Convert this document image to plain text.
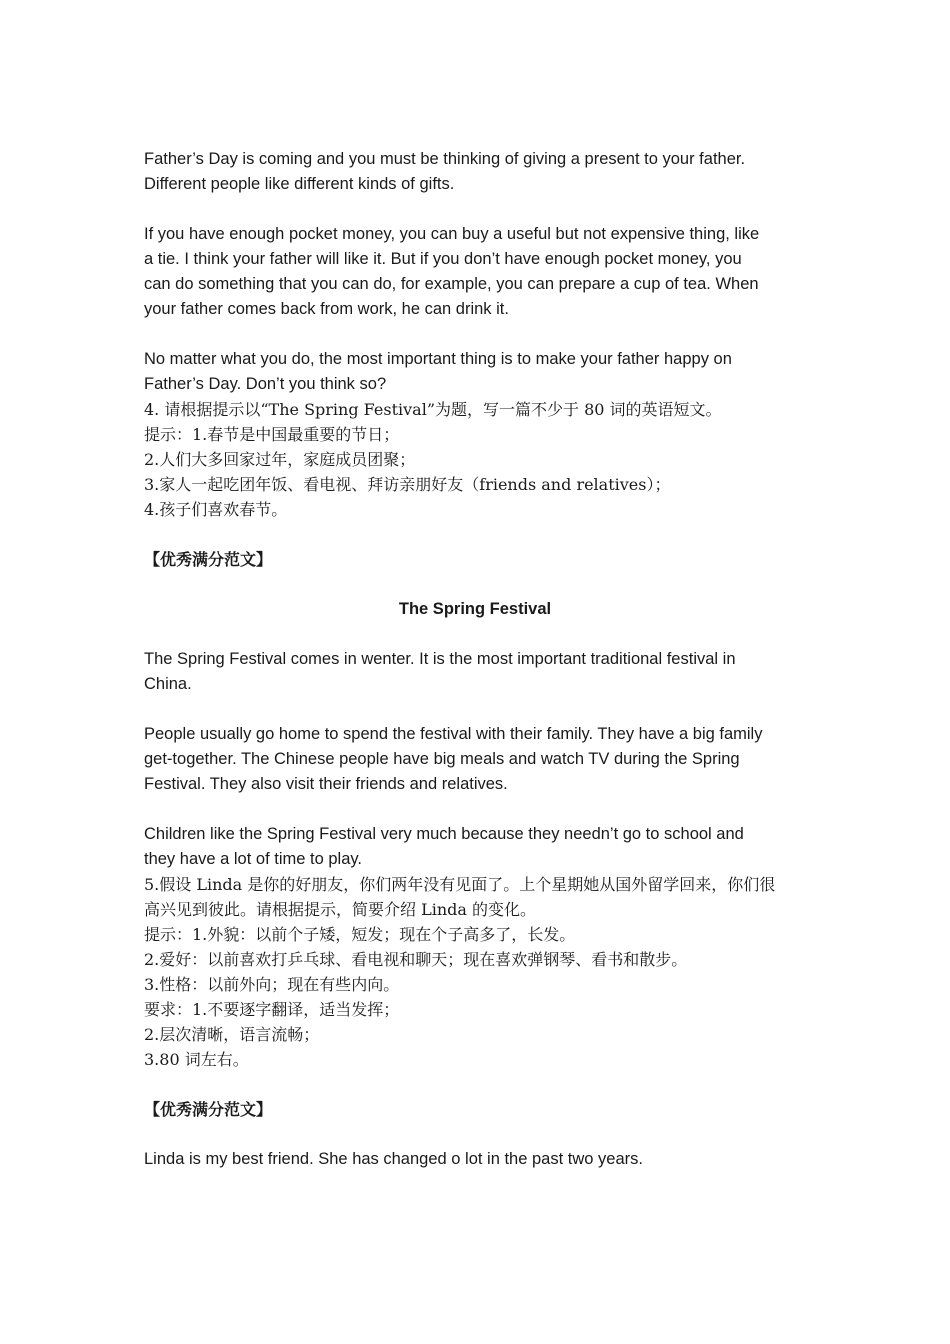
Father’s Day is coming and you must be thinking of giving a present to your father.
Different people like different kinds of gifts.
If you have enough pocket money, you can buy a useful but not expensive thing, like
a tie. I think your father will like it. But if you don’t have enough pocket money, you
can do something that you can do, for example, you can prepare a cup of tea. When
your father comes back from work, he can drink it.
No matter what you do, the most important thing is to make your father happy on
Father’s Day. Don’t you think so?
4. 请根据提示以“The Spring Festival”为题，写一篇不少于 80 词的英语短文。
提示：1.春节是中国最重要的节日；
2.人们大多回家过年，家庭成员团聚；
3.家人一起吃团年饭、看电视、拜访亲朋好友（friends and relatives）；
4.孩子们喜欢春节。
【优秀满分范文】
The Spring Festival
The Spring Festival comes in wenter. It is the most important traditional festival in
China.
People usually go home to spend the festival with their family. They have a big family
get-together. The Chinese people have big meals and watch TV during the Spring
Festival. They also visit their friends and relatives.
Children like the Spring Festival very much because they needn’t go to school and
they have a lot of time to play.
5.假设 Linda 是你的好朋友，你们两年没有见面了。上个星期她从国外留学回来，你们很
高兴见到彼此。请根据提示，简要介绍 Linda 的变化。
提示：1.外貌：以前个子矮，短发；现在个子高多了，长发。
2.爱好：以前喜欢打乒乓球、看电视和聊天；现在喜欢弹钢琴、看书和散步。
3.性格：以前外向；现在有些内向。
要求：1.不要逐字翻译，适当发挥；
2.层次清晰，语言流畅；
3.80 词左右。
【优秀满分范文】
Linda is my best friend. She has changed o lot in the past two years.
